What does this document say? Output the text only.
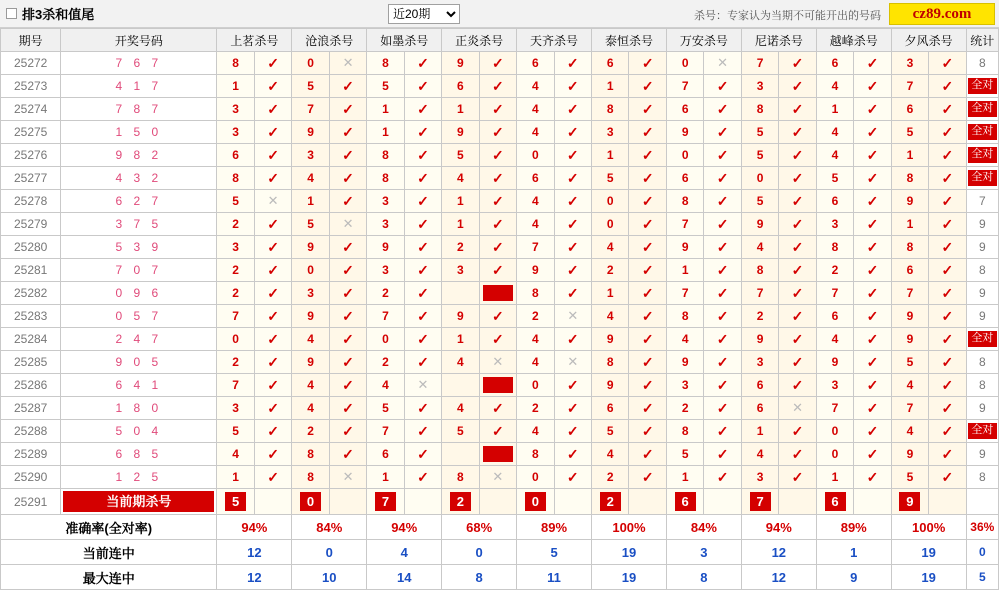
排3杀和值尾
近20期	杀号：专家认为当期不可能开出的号码	cz89.com
期号	开奖号码	上茗杀号		沧浪杀号		如墨杀号		正炎杀号		天齐杀号		泰恒杀号		万安杀号		尼诺杀号		越峰杀号		夕风杀号		统计
25272	7 6 7	8	✓	0	✕	8	✓	9	✓	6	✓	6	✓	0	✕	7	✓	6	✓	3	✓	8
25273	4 1 7	1	✓	5	✓	5	✓	6	✓	4	✓	1	✓	7	✓	3	✓	4	✓	7	✓	全对

25274	7 8 7	3	✓	7	✓	1	✓	1	✓	4	✓	8	✓	6	✓	8	✓	1	✓	6	✓	全对

25275	1 5 0	3	✓	9	✓	1	✓	9	✓	4	✓	3	✓	9	✓	5	✓	4	✓	5	✓	全对

25276	9 8 2	6	✓	3	✓	8	✓	5	✓	0	✓	1	✓	0	✓	5	✓	4	✓	1	✓	全对

25277	4 3 2	8	✓	4	✓	8	✓	4	✓	6	✓	5	✓	6	✓	0	✓	5	✓	8	✓	全对

25278	6 2 7	5	✕	1	✓	3	✓	1	✓	4	✓	0	✓	8	✓	5	✓	6	✓	9	✓	7
25279	3 7 5	2	✓	5	✕	3	✓	1	✓	4	✓	0	✓	7	✓	9	✓	3	✓	1	✓	9
25280	5 3 9	3	✓	9	✓	9	✓	2	✓	7	✓	4	✓	9	✓	4	✓	8	✓	8	✓	9
25281	7 0 7	2	✓	0	✓	3	✓	3	✓	9	✓	2	✓	1	✓	8	✓	2	✓	6	✓	8
25282	0 9 6	2	✓	3	✓	2	✓			8	✓	1	✓	7	✓	7	✓	7	✓	7	✓	9
25283	0 5 7	7	✓	9	✓	7	✓	9	✓	2	✕	4	✓	8	✓	2	✓	6	✓	9	✓	9
25284	2 4 7	0	✓	4	✓	0	✓	1	✓	4	✓	9	✓	4	✓	9	✓	4	✓	9	✓	全对

25285	9 0 5	2	✓	9	✓	2	✓	4	✕	4	✕	8	✓	9	✓	3	✓	9	✓	5	✓	8
25286	6 4 1	7	✓	4	✓	4	✕			0	✓	9	✓	3	✓	6	✓	3	✓	4	✓	8
25287	1 8 0	3	✓	4	✓	5	✓	4	✓	2	✓	6	✓	2	✓	6	✕	7	✓	7	✓	9
25288	5 0 4	5	✓	2	✓	7	✓	5	✓	4	✓	5	✓	8	✓	1	✓	0	✓	4	✓	全对

25289	6 8 5	4	✓	8	✓	6	✓			8	✓	4	✓	5	✓	4	✓	0	✓	9	✓	9
25290	1 2 5	1	✓	8	✕	1	✓	8	✕	0	✓	2	✓	1	✓	3	✓	1	✓	5	✓	8
25291	当前期杀号	5		0		7		2		0		2		6		7		6		9		
准确率(全对率)		94%		84%		94%		68%		89%		100%		84%		94%		89%		100%		36%
当前连中		12		0		4		0		5		19		3		12		1		19		0
最大连中		12		10		14		8		11		19		8		12		9		19		5
